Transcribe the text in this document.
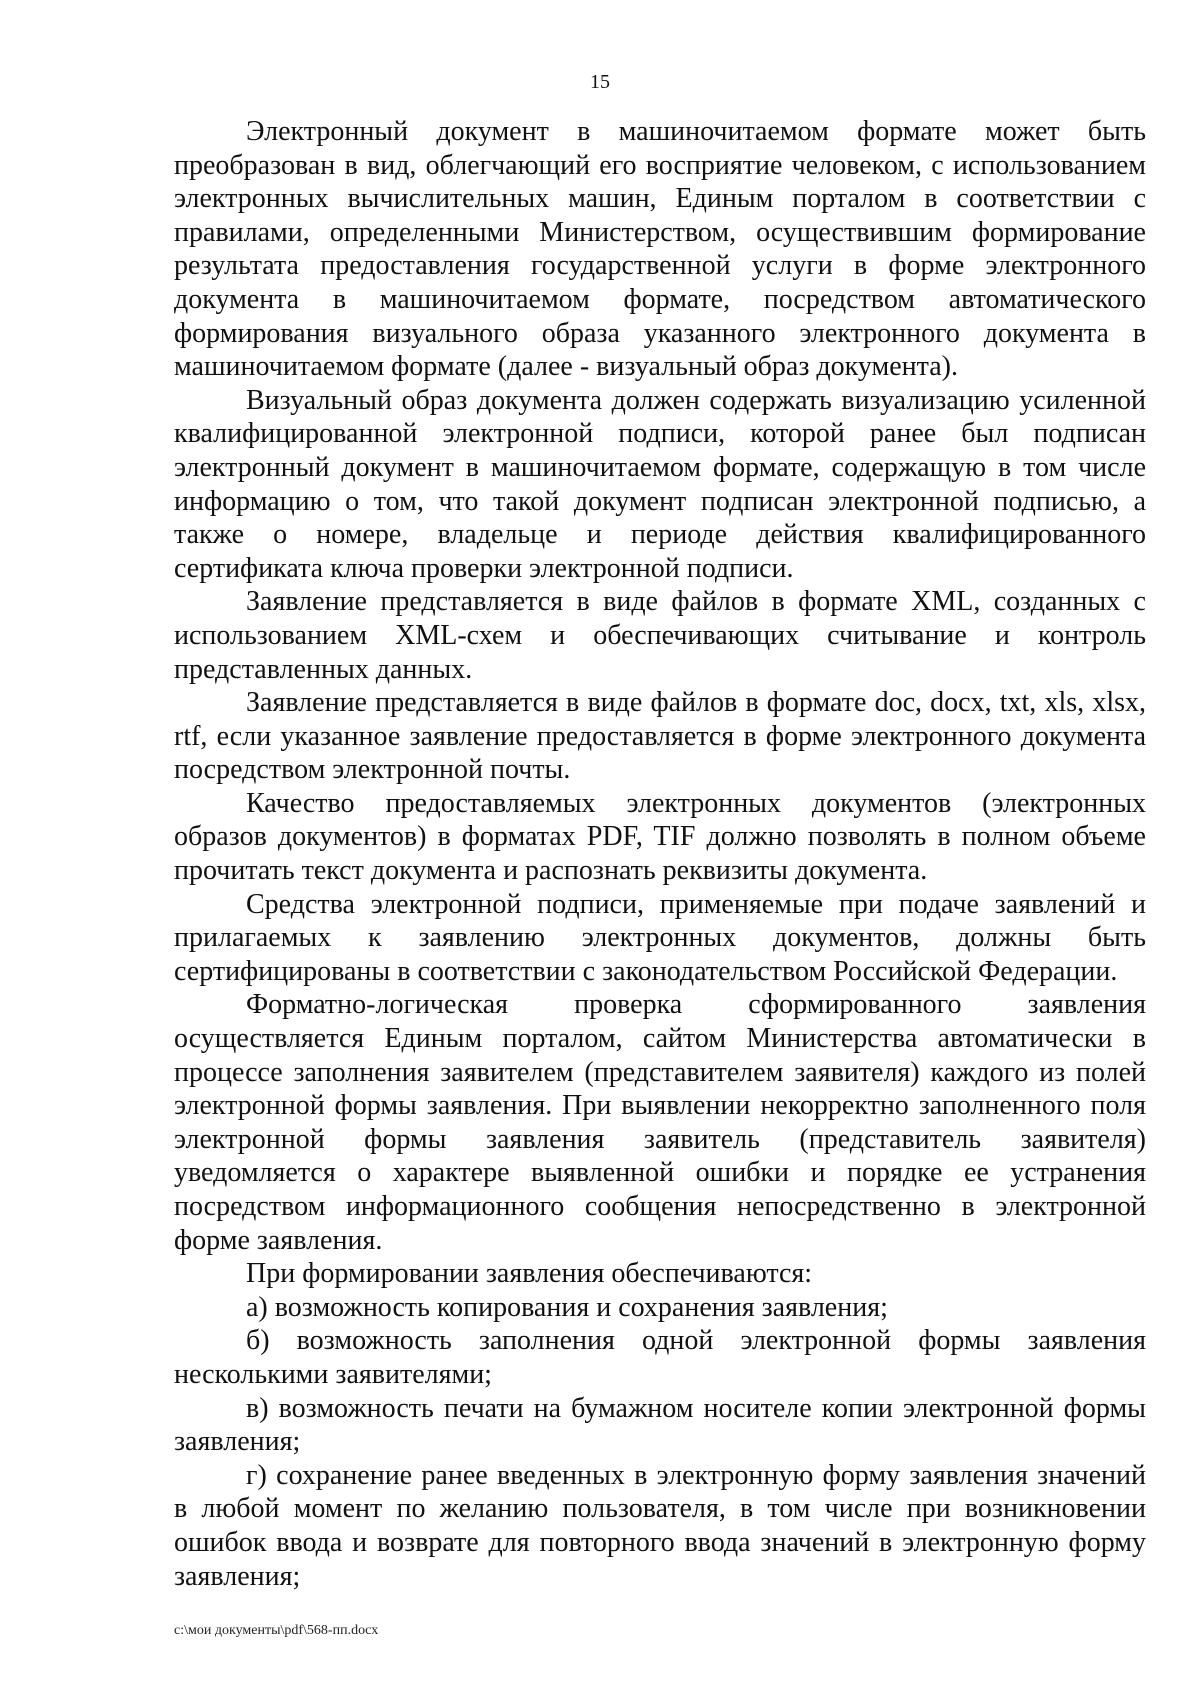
15

Электронный документ в машиночитаемом формате может быть преобразован в вид, облегчающий его восприятие человеком, с использованием электронных вычислительных машин, Единым порталом в соответствии с правилами, определенными Министерством, осуществившим формирование результата предоставления государственной услуги в форме электронного документа в машиночитаемом формате, посредством автоматического формирования визуального образа указанного электронного документа в машиночитаемом формате (далее - визуальный образ документа).

Визуальный образ документа должен содержать визуализацию усиленной квалифицированной электронной подписи, которой ранее был подписан электронный документ в машиночитаемом формате, содержащую в том числе информацию о том, что такой документ подписан электронной подписью, а также о номере, владельце и периоде действия квалифицированного сертификата ключа проверки электронной подписи.

Заявление представляется в виде файлов в формате XML, созданных с использованием XML-схем и обеспечивающих считывание и контроль представленных данных.

Заявление представляется в виде файлов в формате doc, docx, txt, xls, xlsx, rtf, если указанное заявление предоставляется в форме электронного документа посредством электронной почты.

Качество предоставляемых электронных документов (электронных образов документов) в форматах PDF, TIF должно позволять в полном объеме прочитать текст документа и распознать реквизиты документа.

Средства электронной подписи, применяемые при подаче заявлений и прилагаемых к заявлению электронных документов, должны быть сертифицированы в соответствии с законодательством Российской Федерации.

Форматно-логическая проверка сформированного заявления осуществляется Единым порталом, сайтом Министерства автоматически в процессе заполнения заявителем (представителем заявителя) каждого из полей электронной формы заявления. При выявлении некорректно заполненного поля электронной формы заявления заявитель (представитель заявителя) уведомляется о характере выявленной ошибки и порядке ее устранения посредством информационного сообщения непосредственно в электронной форме заявления.

При формировании заявления обеспечиваются:

а) возможность копирования и сохранения заявления;

б) возможность заполнения одной электронной формы заявления несколькими заявителями;

в) возможность печати на бумажном носителе копии электронной формы заявления;

г) сохранение ранее введенных в электронную форму заявления значений в любой момент по желанию пользователя, в том числе при возникновении ошибок ввода и возврате для повторного ввода значений в электронную форму заявления;

c:\мои документы\pdf\568-пп.docx
